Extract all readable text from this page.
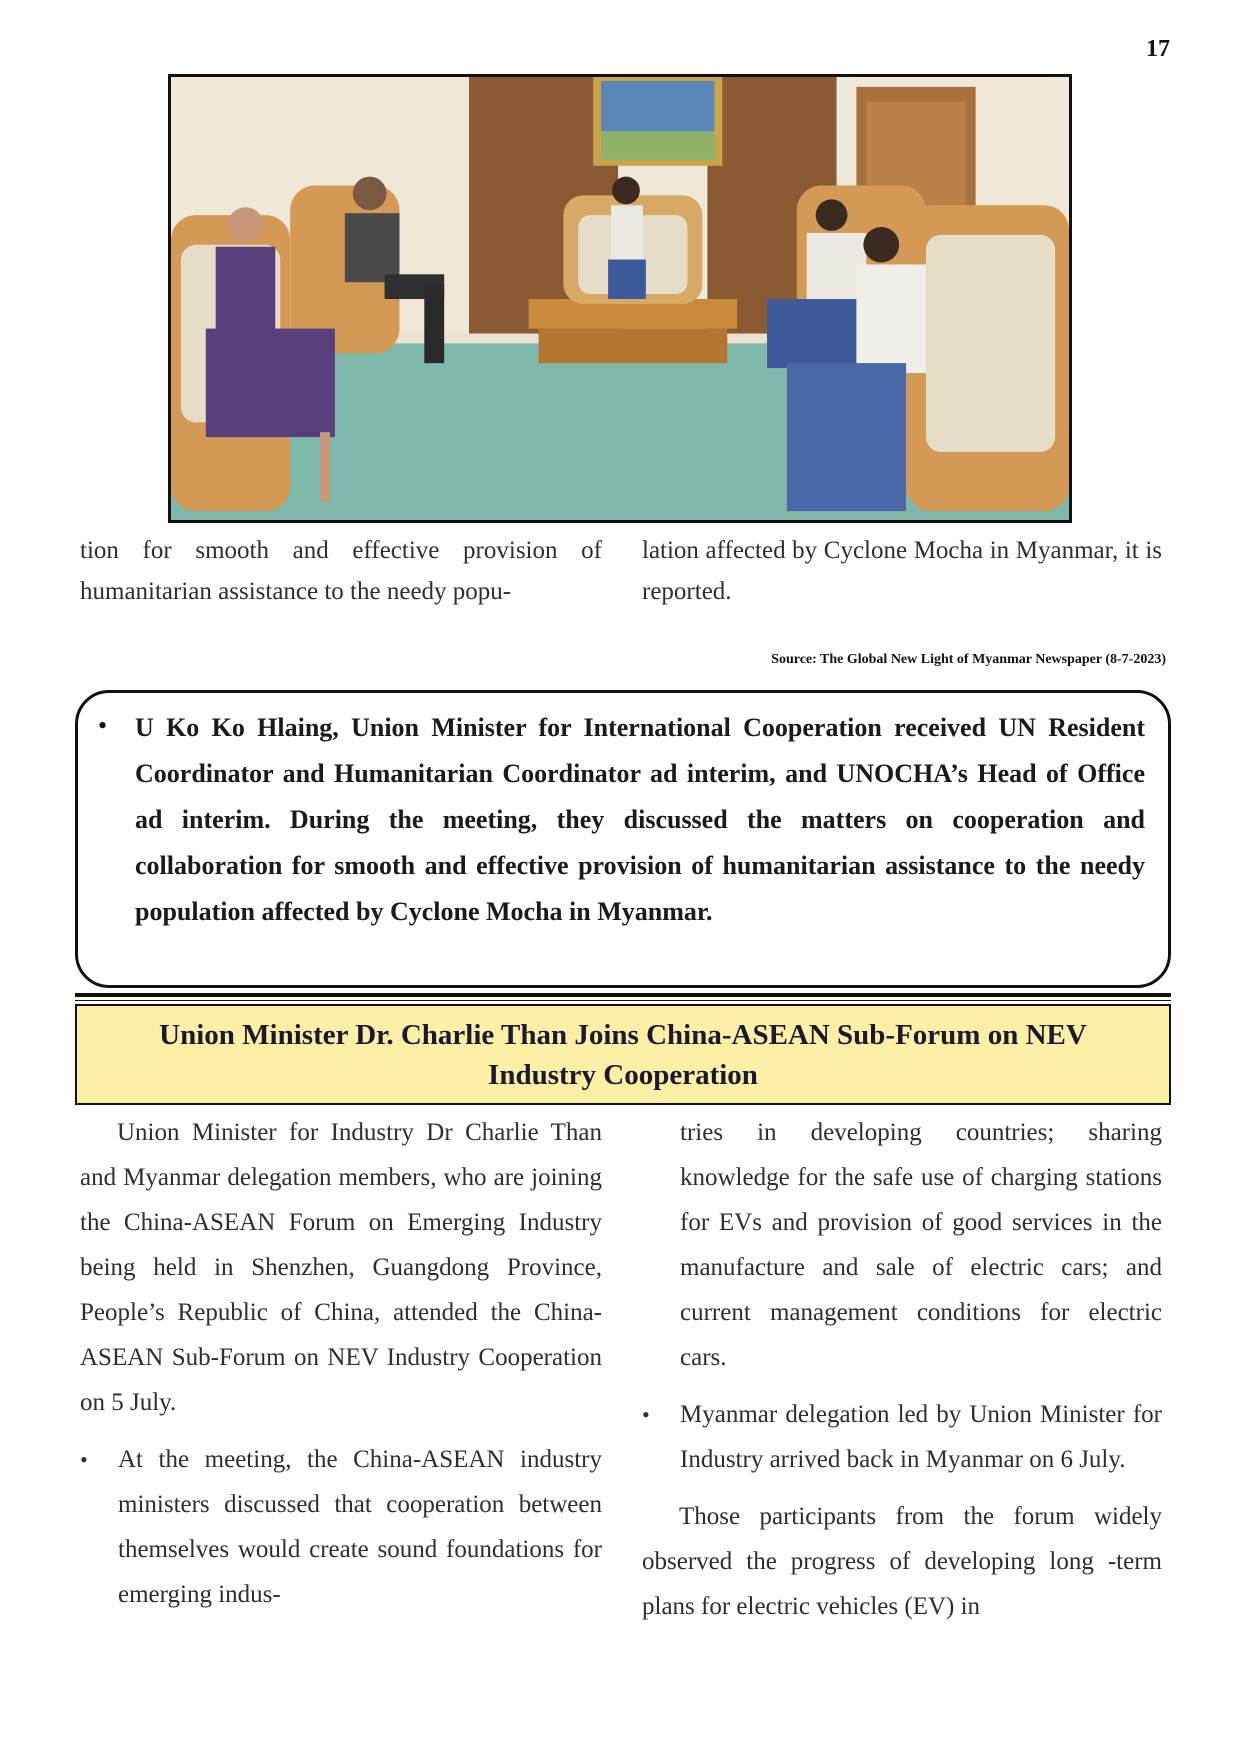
17

tion for smooth and effective provision of humanitarian assistance to the needy popu-

lation affected by Cyclone Mocha in Myanmar, it is reported.

Source: The Global New Light of Myanmar Newspaper (8-7-2023)
• U Ko Ko Hlaing, Union Minister for International Cooperation received UN Resident Coordinator and Humanitarian Coordinator ad interim, and UNOCHA’s Head of Office ad interim. During the meeting, they discussed the matters on cooperation and collaboration for smooth and effective provision of humanitarian assistance to the needy population affected by Cyclone Mocha in Myanmar.

Union Minister Dr. Charlie Than Joins China-ASEAN Sub-Forum on NEV Industry Cooperation

Union Minister for Industry Dr Charlie Than and Myanmar delegation members, who are joining the China-ASEAN Forum on Emerging Industry being held in Shenzhen, Guangdong Province, People’s Republic of China, attended the China-ASEAN Sub-Forum on NEV Industry Cooperation on 5 July.

•	At the meeting, the China-ASEAN industry ministers discussed that cooperation between themselves would create sound foundations for emerging indus-

tries in developing countries; sharing knowledge for the safe use of charging stations for EVs and provision of good services in the manufacture and sale of electric cars; and current management conditions for electric cars.

•	Myanmar delegation led by Union Minister for Industry arrived back in Myanmar on 6 July.

Those participants from the forum widely observed the progress of developing long -term plans for electric vehicles (EV) in
